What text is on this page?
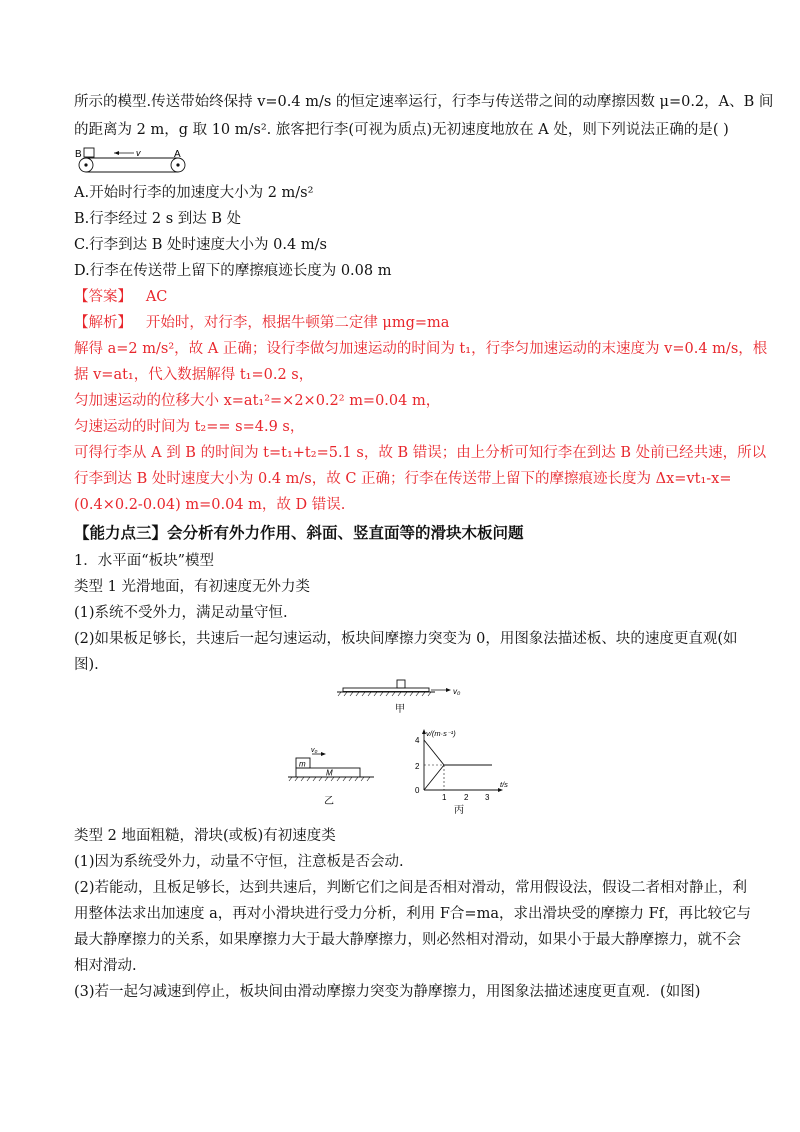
所示的模型.传送带始终保持 v=0.4 m/s 的恒定速率运行，行李与传送带之间的动摩擦因数 μ=0.2，A、B 间
的距离为 2 m，g 取 10 m/s². 旅客把行李(可视为质点)无初速度地放在 A 处，则下列说法正确的是( )
B	v	A
A.开始时行李的加速度大小为 2 m/s²
B.行李经过 2 s 到达 B 处
C.行李到达 B 处时速度大小为 0.4 m/s
D.行李在传送带上留下的摩擦痕迹长度为 0.08 m
【答案】 AC
【解析】 开始时，对行李，根据牛顿第二定律 μmg=ma
解得 a=2 m/s²，故 A 正确；设行李做匀加速运动的时间为 t₁，行李匀加速运动的末速度为 v=0.4 m/s，根
据 v=at₁，代入数据解得 t₁=0.2 s，
匀加速运动的位移大小 x=at₁²=×2×0.2² m=0.04 m，
匀速运动的时间为 t₂== s=4.9 s，
可得行李从 A 到 B 的时间为 t=t₁+t₂=5.1 s，故 B 错误；由上分析可知行李在到达 B 处前已经共速，所以
行李到达 B 处时速度大小为 0.4 m/s，故 C 正确；行李在传送带上留下的摩擦痕迹长度为 Δx=vt₁-x=
(0.4×0.2-0.04) m=0.04 m，故 D 错误.
【能力点三】会分析有外力作用、斜面、竖直面等的滑块木板问题
1．水平面“板块”模型
类型 1 光滑地面，有初速度无外力类
(1)系统不受外力，满足动量守恒.
(2)如果板足够长，共速后一起匀速运动，板块间摩擦力突变为 0，用图象法描述板、块的速度更直观(如
图).
v₀
甲
m
v₀
M
乙
v/(m·s⁻¹)
t/s
4
2
0
1 2 3
丙
类型 2 地面粗糙，滑块(或板)有初速度类
(1)因为系统受外力，动量不守恒，注意板是否会动.
(2)若能动，且板足够长，达到共速后，判断它们之间是否相对滑动，常用假设法，假设二者相对静止，利
用整体法求出加速度 a，再对小滑块进行受力分析，利用 F合=ma，求出滑块受的摩擦力 Ff，再比较它与
最大静摩擦力的关系，如果摩擦力大于最大静摩擦力，则必然相对滑动，如果小于最大静摩擦力，就不会
相对滑动.
(3)若一起匀减速到停止，板块间由滑动摩擦力突变为静摩擦力，用图象法描述速度更直观．(如图)
